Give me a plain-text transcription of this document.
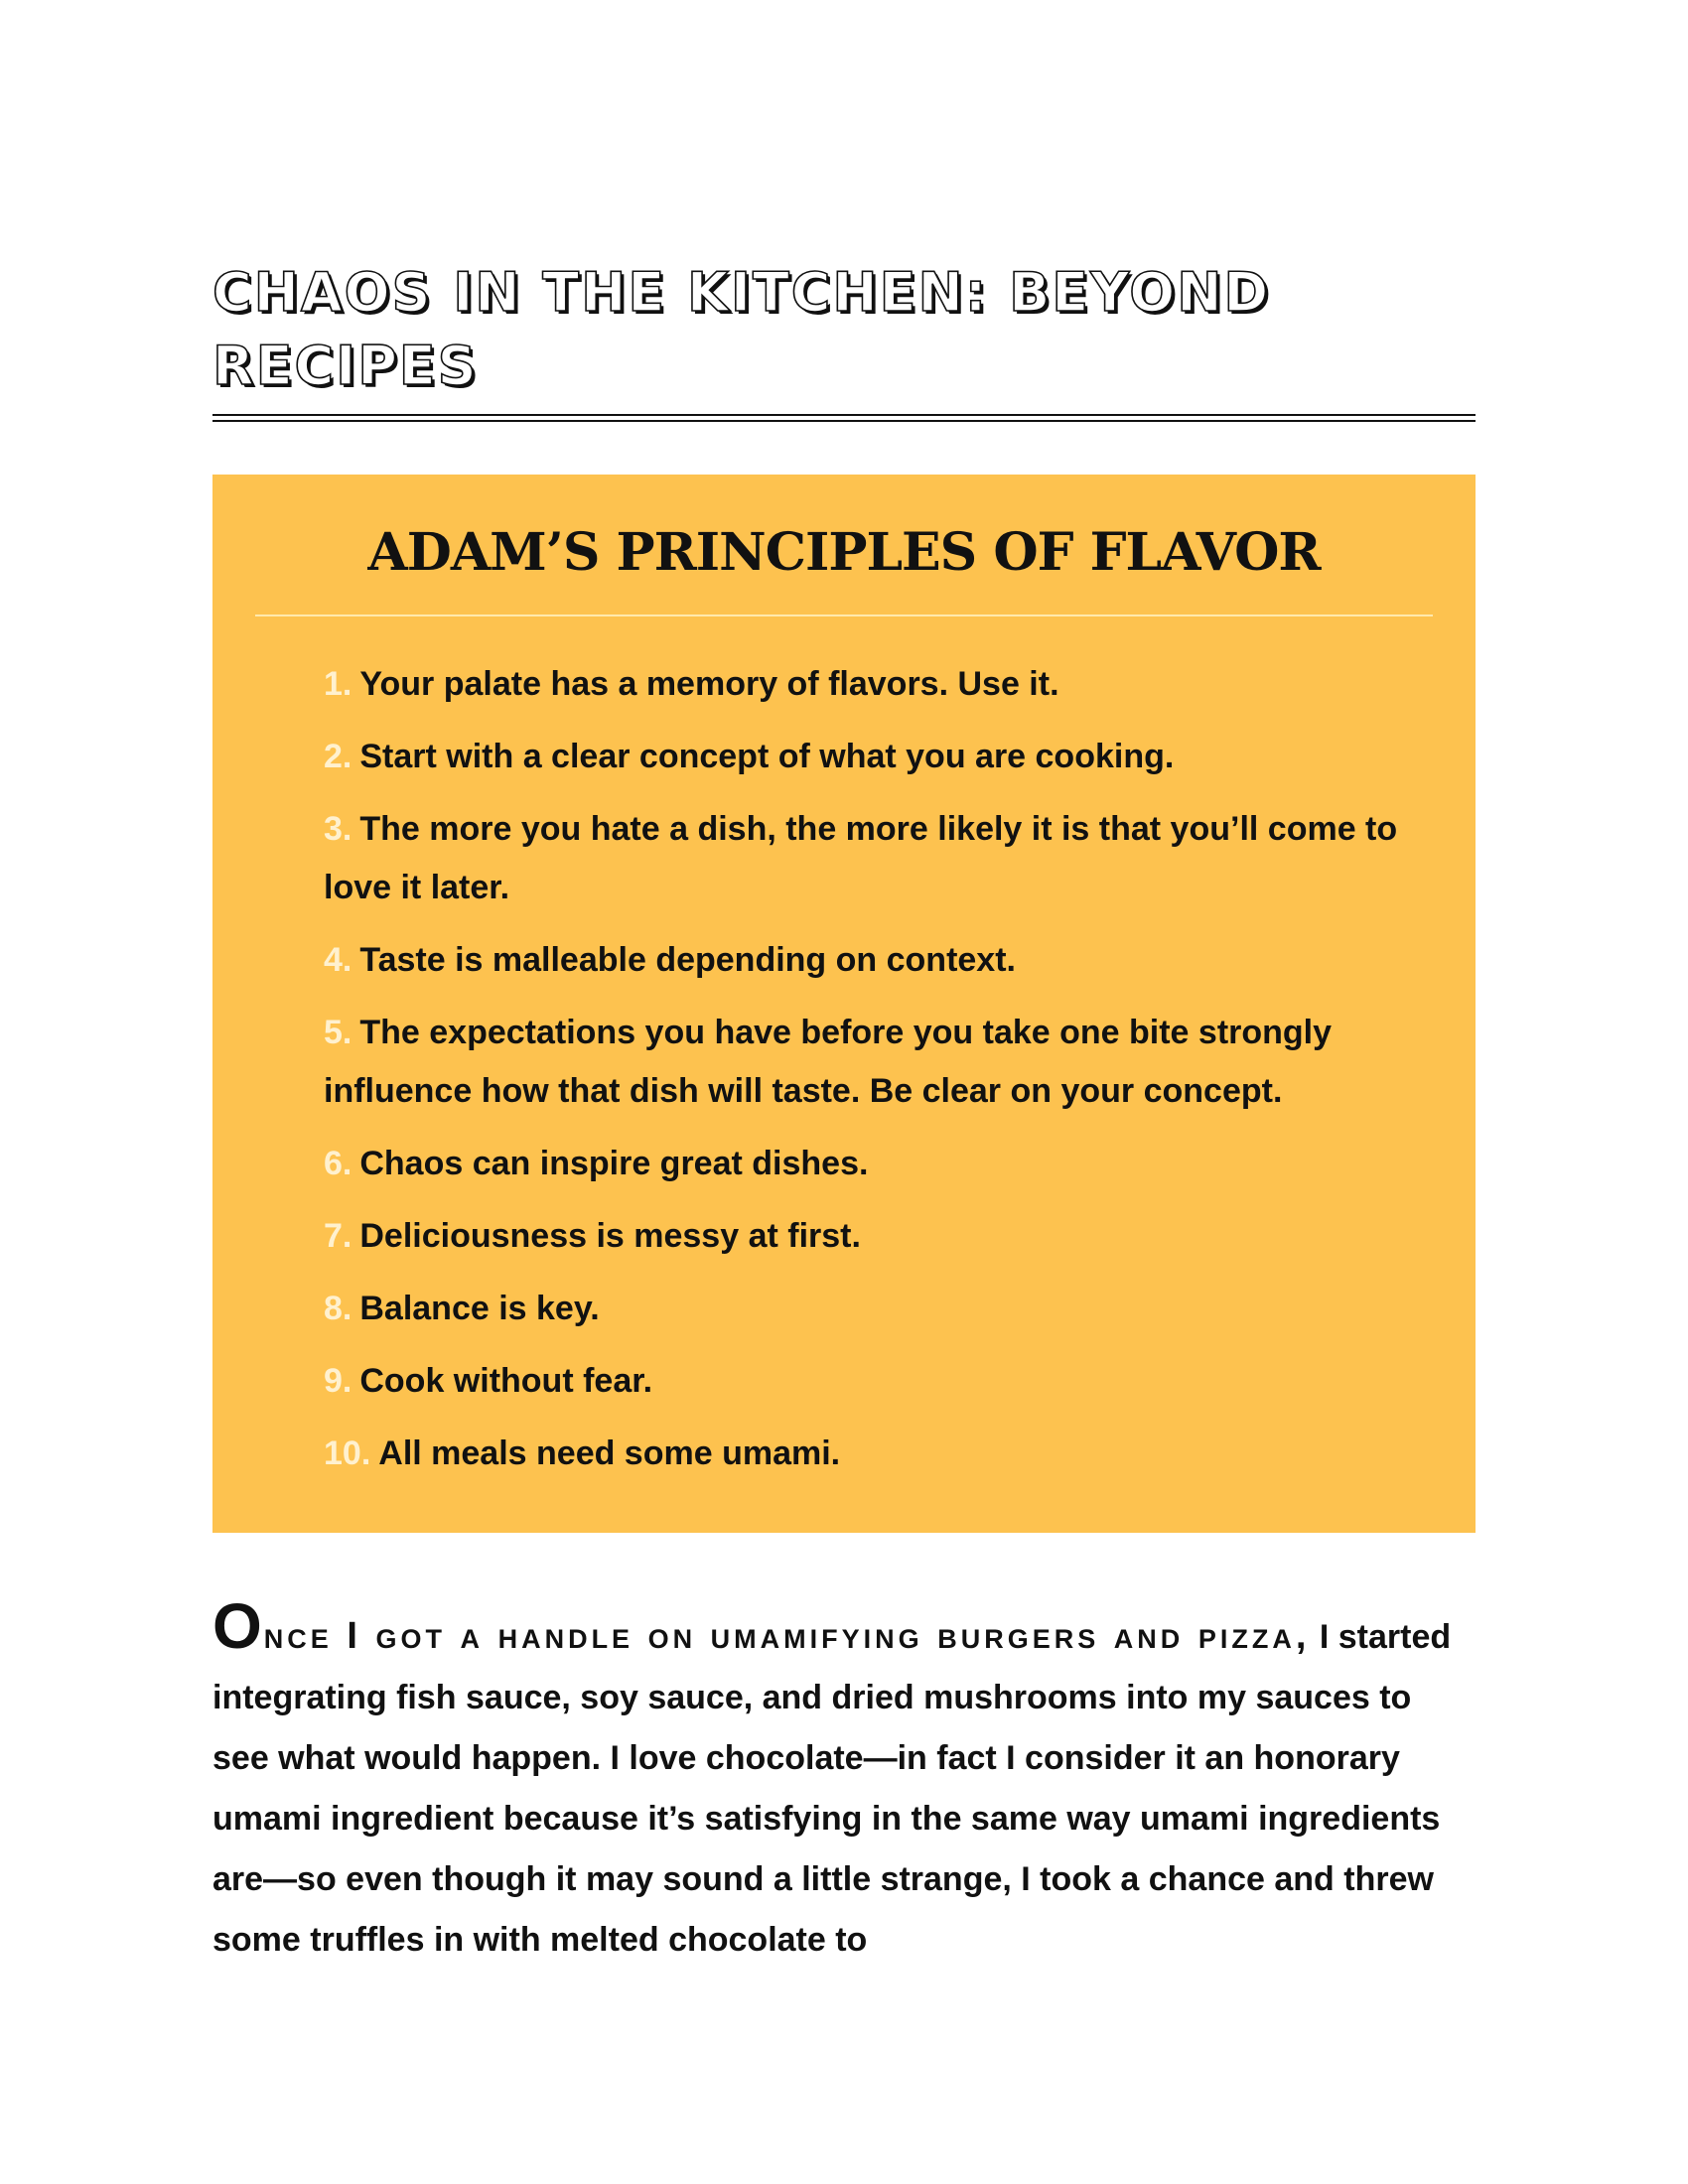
CHAOS IN THE KITCHEN: BEYOND RECIPES
ADAM’S PRINCIPLES OF FLAVOR
1. Your palate has a memory of flavors. Use it.
2. Start with a clear concept of what you are cooking.
3. The more you hate a dish, the more likely it is that you’ll come to love it later.
4. Taste is malleable depending on context.
5. The expectations you have before you take one bite strongly influence how that dish will taste. Be clear on your concept.
6. Chaos can inspire great dishes.
7. Deliciousness is messy at first.
8. Balance is key.
9. Cook without fear.
10. All meals need some umami.

Once I got a handle on umamifying burgers and pizza, I started integrating fish sauce, soy sauce, and dried mushrooms into my sauces to see what would happen. I love chocolate—in fact I consider it an honorary umami ingredient because it’s satisfying in the same way umami ingredients are—so even though it may sound a little strange, I took a chance and threw some truffles in with melted chocolate to
